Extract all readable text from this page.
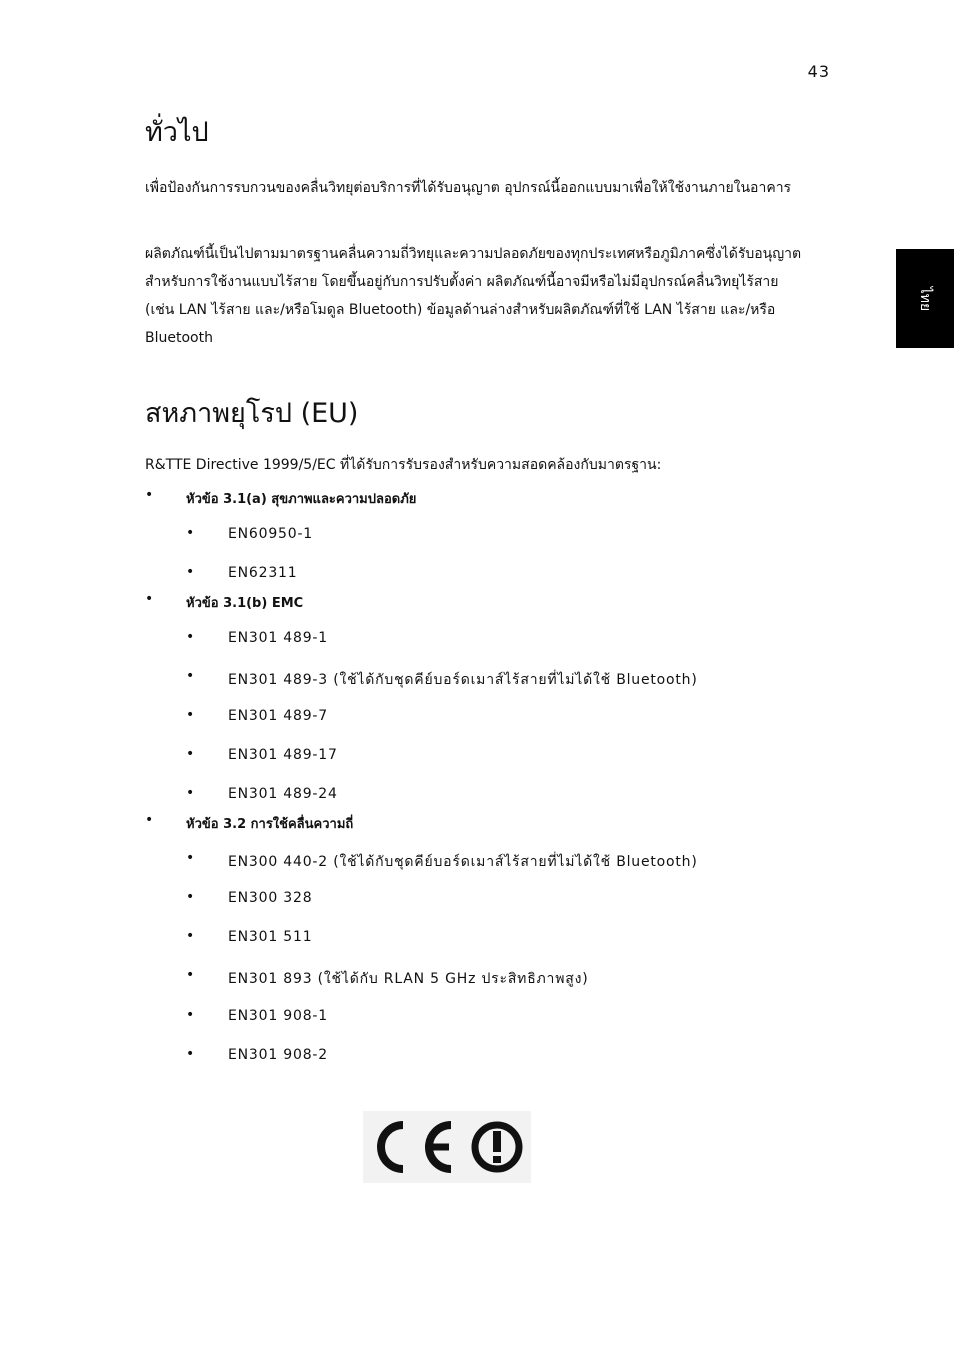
43
ไทย
ทั่วไป

เพื่อป้องกันการรบกวนของคลื่นวิทยุต่อบริการที่ได้รับอนุญาต อุปกรณ์นี้ออกแบบมาเพื่อให้ใช้งานภายในอาคาร

ผลิตภัณฑ์นี้เป็นไปตามมาตรฐานคลื่นความถี่วิทยุและความปลอดภัยของทุกประเทศหรือภูมิภาคซึ่งได้รับอนุญาตสำหรับการใช้งานแบบไร้สาย โดยขึ้นอยู่กับการปรับตั้งค่า ผลิตภัณฑ์นี้อาจมีหรือไม่มีอุปกรณ์คลื่นวิทยุไร้สาย (เช่น LAN ไร้สาย และ/หรือโมดูล Bluetooth) ข้อมูลด้านล่างสำหรับผลิตภัณฑ์ที่ใช้ LAN ไร้สาย และ/หรือ Bluetooth

สหภาพยุโรป (EU)

R&TTE Directive 1999/5/EC ที่ได้รับการรับรองสำหรับความสอดคล้องกับมาตรฐาน:

•	หัวข้อ 3.1(a) สุขภาพและความปลอดภัย
• EN60950-1
• EN62311
•	หัวข้อ 3.1(b) EMC
• EN301 489-1
• EN301 489-3 (ใช้ได้กับชุดคีย์บอร์ดเมาส์ไร้สายที่ไม่ได้ใช้ Bluetooth)
• EN301 489-7
• EN301 489-17
• EN301 489-24
•	หัวข้อ 3.2 การใช้คลื่นความถี่
• EN300 440-2 (ใช้ได้กับชุดคีย์บอร์ดเมาส์ไร้สายที่ไม่ได้ใช้ Bluetooth)
• EN300 328
• EN301 511
• EN301 893 (ใช้ได้กับ RLAN 5 GHz ประสิทธิภาพสูง)
• EN301 908-1
• EN301 908-2
